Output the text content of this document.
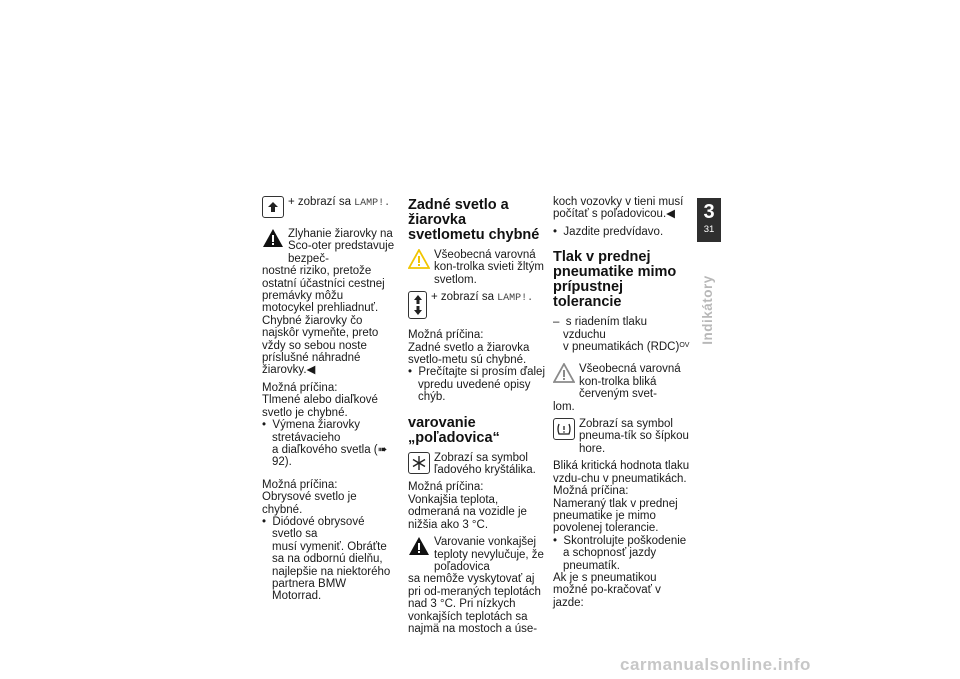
+ zobrazí sa LAMP!.

Zlyhanie žiarovky na Sco-oter predstavuje bezpeč-

nostné riziko, pretože ostatní účastníci cestnej premávky môžu motocykel prehliadnuť.

Chybné žiarovky čo najskôr vymeňte, preto vždy so sebou noste príslušné náhradné žiarovky.◀

Možná príčina:

Tlmené alebo diaľkové svetlo je chybné.

•  Výmena žiarovky stretávacieho

a diaľkového svetla (➠ 92).

Možná príčina:

Obrysové svetlo je chybné.

•  Diódové obrysové svetlo sa

musí vymeniť. Obráťte sa na odbornú dielňu, najlepšie na niektorého partnera BMW Motorrad.

Zadné svetlo a žiarovka svetlometu chybné

Všeobecná varovná kon-trolka svieti žltým svetlom.

+ zobrazí sa LAMP!.

Možná príčina:

Zadné svetlo a žiarovka svetlo-metu sú chybné.

•  Prečítajte si prosím ďalej

vpredu uvedené opisy chýb.

varovanie „poľadovica“

Zobrazí sa symbol ľadového kryštálika.

Možná príčina:

Vonkajšia teplota, odmeraná na vozidle je nižšia ako 3 °C.

Varovanie vonkajšej teploty nevylučuje, že poľadovica

sa nemôže vyskytovať aj pri od-meraných teplotách nad 3 °C. Pri nízkych vonkajších teplotách sa najmä na mostoch a úse-

koch vozovky v tieni musí počítať s poľadovicou.◀

•  Jazdite predvídavo.

Tlak v prednej pneumatike mimo prípustnej tolerancie

– s riadením tlaku vzduchu

v pneumatikách (RDC)$^{OV}$

Všeobecná varovná kon-trolka bliká červeným svet-

lom.

Zobrazí sa symbol pneuma-tík so šípkou hore.

Bliká kritická hodnota tlaku vzdu-chu v pneumatikách.

Možná príčina:

Nameraný tlak v prednej pneumatike je mimo povolenej tolerancie.

•  Skontrolujte poškodenie

a schopnosť jazdy pneumatík.

Ak je s pneumatikou možné po-kračovať v jazde:

3
31
Indikátory
carmanualsonline.info
